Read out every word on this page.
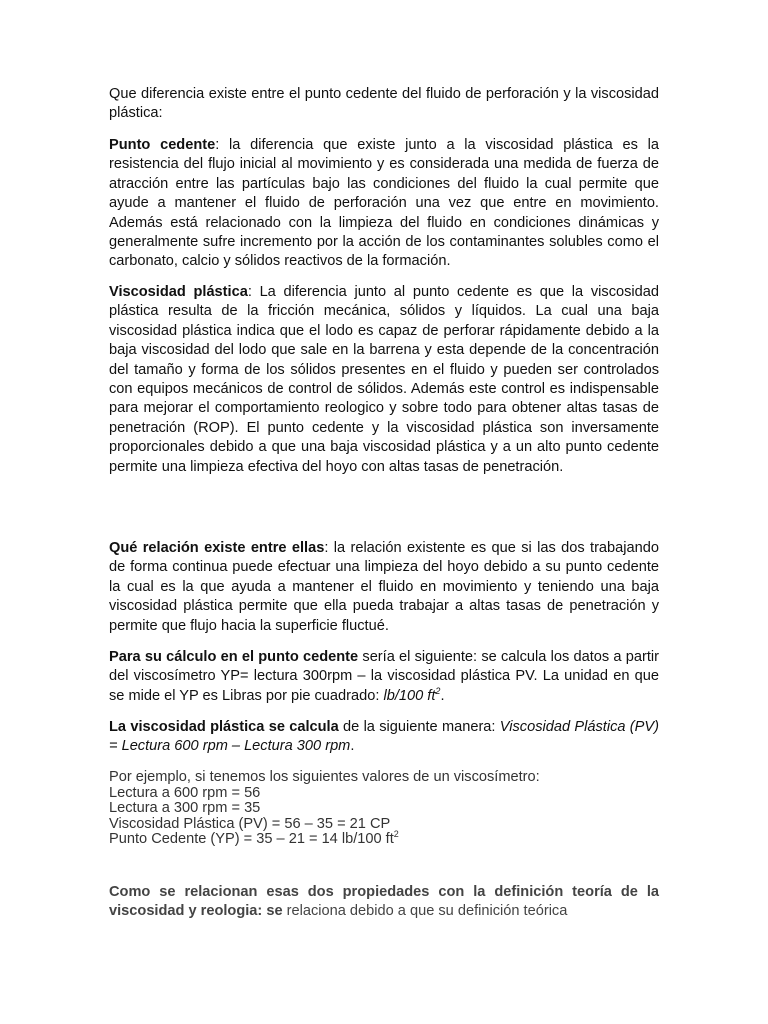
Que diferencia existe entre el punto cedente del fluido de perforación y la viscosidad plástica:

Punto cedente: la diferencia que existe junto a la viscosidad plástica es la resistencia del flujo inicial al movimiento y es considerada una medida de fuerza de atracción entre las partículas bajo las condiciones del fluido la cual permite que ayude a mantener el fluido de perforación una vez que entre en movimiento. Además está relacionado con la limpieza del fluido en condiciones dinámicas y generalmente sufre incremento por la acción de los contaminantes solubles como el carbonato, calcio y sólidos reactivos de la formación.

Viscosidad plástica: La diferencia junto al punto cedente es que la viscosidad plástica resulta de la fricción mecánica, sólidos y líquidos. La cual una baja viscosidad plástica indica que el lodo es capaz de perforar rápidamente debido a la baja viscosidad del lodo que sale en la barrena y esta depende de la concentración del tamaño y forma de los sólidos presentes en el fluido y pueden ser controlados con equipos mecánicos de control de sólidos. Además este control es indispensable para mejorar el comportamiento reologico y sobre todo para obtener altas tasas de penetración (ROP). El punto cedente y la viscosidad plástica son inversamente proporcionales debido a que una baja viscosidad plástica y a un alto punto cedente permite una limpieza efectiva del hoyo con altas tasas de penetración.

Qué relación existe entre ellas: la relación existente es que si las dos trabajando de forma continua puede efectuar una limpieza del hoyo debido a su punto cedente la cual es la que ayuda a mantener el fluido en movimiento y teniendo una baja viscosidad plástica permite que ella pueda trabajar a altas tasas de penetración y permite que flujo hacia la superficie fluctué.

Para su cálculo en el punto cedente sería el siguiente: se calcula los datos a partir del viscosímetro YP= lectura 300rpm – la viscosidad plástica PV. La unidad en que se mide el YP es Libras por pie cuadrado: lb/100 $ft^2$.

La viscosidad plástica se calcula de la siguiente manera: Viscosidad Plástica (PV) = Lectura 600 rpm – Lectura 300 rpm.

Por ejemplo, si tenemos los siguientes valores de un viscosímetro:
Lectura a 600 rpm = 56
Lectura a 300 rpm = 35
Viscosidad Plástica (PV) = 56 – 35 = 21 CP
Punto Cedente (YP) = 35 – 21 = 14 lb/100 $ft^2$

Como se relacionan esas dos propiedades con la definición teoría de la viscosidad y reologia: se relaciona debido a que su definición teórica
